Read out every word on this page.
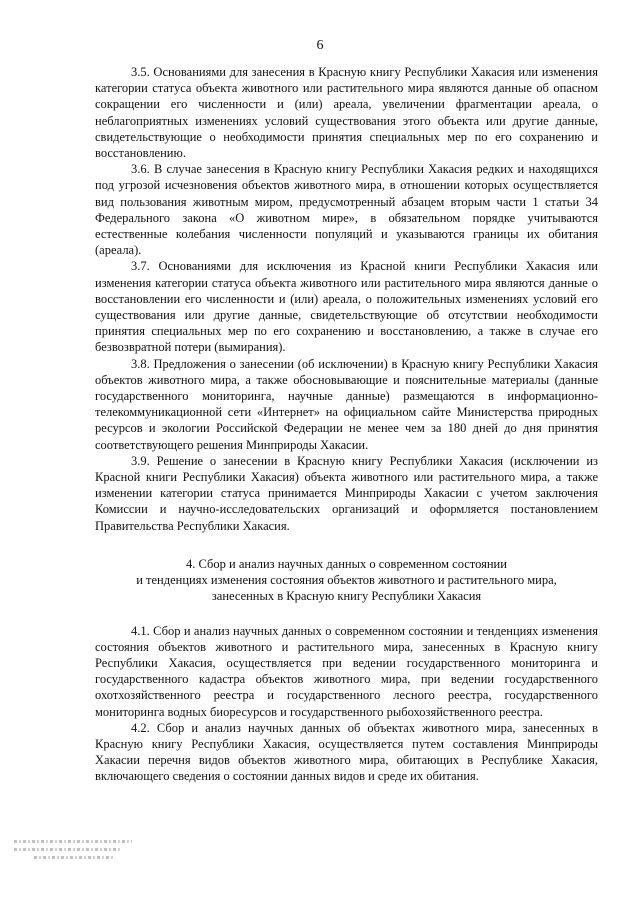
6

3.5. Основаниями для занесения в Красную книгу Республики Хакасия или изменения категории статуса объекта животного или растительного мира являются данные об опасном сокращении его численности и (или) ареала, увеличении фрагментации ареала, о неблагоприятных изменениях условий существования этого объекта или другие данные, свидетельствующие о необходимости принятия специальных мер по его сохранению и восстановлению.

3.6. В случае занесения в Красную книгу Республики Хакасия редких и находящихся под угрозой исчезновения объектов животного мира, в отношении которых осуществляется вид пользования животным миром, предусмотренный абзацем вторым части 1 статьи 34 Федерального закона «О животном мире», в обязательном порядке учитываются естественные колебания численности популяций и указываются границы их обитания (ареала).

3.7. Основаниями для исключения из Красной книги Республики Хакасия или изменения категории статуса объекта животного или растительного мира являются данные о восстановлении его численности и (или) ареала, о положительных изменениях условий его существования или другие данные, свидетельствующие об отсутствии необходимости принятия специальных мер по его сохранению и восстановлению, а также в случае его безвозвратной потери (вымирания).

3.8. Предложения о занесении (об исключении) в Красную книгу Республики Хакасия объектов животного мира, а также обосновывающие и пояснительные материалы (данные государственного мониторинга, научные данные) размещаются в информационно-телекоммуникационной сети «Интернет» на официальном сайте Министерства природных ресурсов и экологии Российской Федерации не менее чем за 180 дней до дня принятия соответствующего решения Минприроды Хакасии.

3.9. Решение о занесении в Красную книгу Республики Хакасия (исключении из Красной книги Республики Хакасия) объекта животного или растительного мира, а также изменении категории статуса принимается Минприроды Хакасии с учетом заключения Комиссии и научно-исследовательских организаций и оформляется постановлением Правительства Республики Хакасия.

4. Сбор и анализ научных данных о современном состоянии
и тенденциях изменения состояния объектов животного и растительного мира,
занесенных в Красную книгу Республики Хакасия

4.1. Сбор и анализ научных данных о современном состоянии и тенденциях изменения состояния объектов животного и растительного мира, занесенных в Красную книгу Республики Хакасия, осуществляется при ведении государственного мониторинга и государственного кадастра объектов животного мира, при ведении государственного охотхозяйственного реестра и государственного лесного реестра, государственного мониторинга водных биоресурсов и государственного рыбохозяйственного реестра.

4.2. Сбор и анализ научных данных об объектах животного мира, занесенных в Красную книгу Республики Хакасия, осуществляется путем составления Минприроды Хакасии перечня видов объектов животного мира, обитающих в Республике Хакасия, включающего сведения о состоянии данных видов и среде их обитания.
